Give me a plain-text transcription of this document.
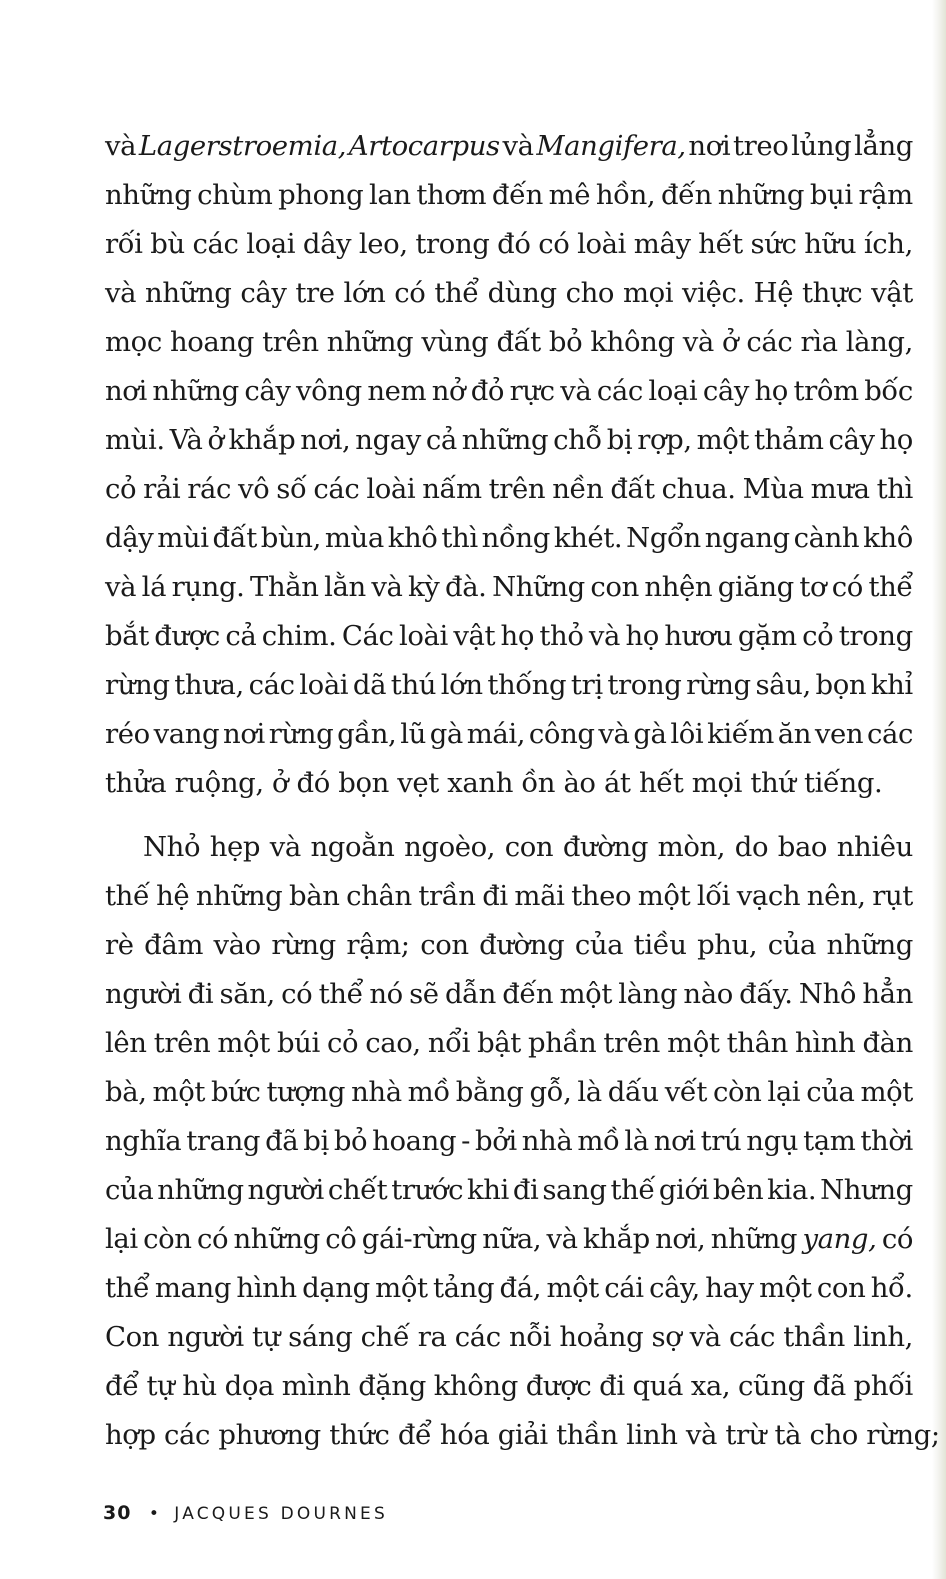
và Lagerstroemia, Artocarpus và Mangifera, nơi treo lủng lẳng
những chùm phong lan thơm đến mê hồn, đến những bụi rậm
rối bù các loại dây leo, trong đó có loài mây hết sức hữu ích,
và những cây tre lớn có thể dùng cho mọi việc. Hệ thực vật
mọc hoang trên những vùng đất bỏ không và ở các rìa làng,
nơi những cây vông nem nở đỏ rực và các loại cây họ trôm bốc
mùi. Và ở khắp nơi, ngay cả những chỗ bị rợp, một thảm cây họ
cỏ rải rác vô số các loài nấm trên nền đất chua. Mùa mưa thì
dậy mùi đất bùn, mùa khô thì nồng khét. Ngổn ngang cành khô
và lá rụng. Thằn lằn và kỳ đà. Những con nhện giăng tơ có thể
bắt được cả chim. Các loài vật họ thỏ và họ hươu gặm cỏ trong
rừng thưa, các loài dã thú lớn thống trị trong rừng sâu, bọn khỉ
réo vang nơi rừng gần, lũ gà mái, công và gà lôi kiếm ăn ven các
thửa ruộng, ở đó bọn vẹt xanh ồn ào át hết mọi thứ tiếng.
Nhỏ hẹp và ngoằn ngoèo, con đường mòn, do bao nhiêu
thế hệ những bàn chân trần đi mãi theo một lối vạch nên, rụt
rè đâm vào rừng rậm; con đường của tiều phu, của những
người đi săn, có thể nó sẽ dẫn đến một làng nào đấy. Nhô hẳn
lên trên một búi cỏ cao, nổi bật phần trên một thân hình đàn
bà, một bức tượng nhà mồ bằng gỗ, là dấu vết còn lại của một
nghĩa trang đã bị bỏ hoang - bởi nhà mồ là nơi trú ngụ tạm thời
của những người chết trước khi đi sang thế giới bên kia. Nhưng
lại còn có những cô gái-rừng nữa, và khắp nơi, những yang, có
thể mang hình dạng một tảng đá, một cái cây, hay một con hổ.
Con người tự sáng chế ra các nỗi hoảng sợ và các thần linh,
để tự hù dọa mình đặng không được đi quá xa, cũng đã phối
hợp các phương thức để hóa giải thần linh và trừ tà cho rừng;
30 • JACQUES DOURNES
